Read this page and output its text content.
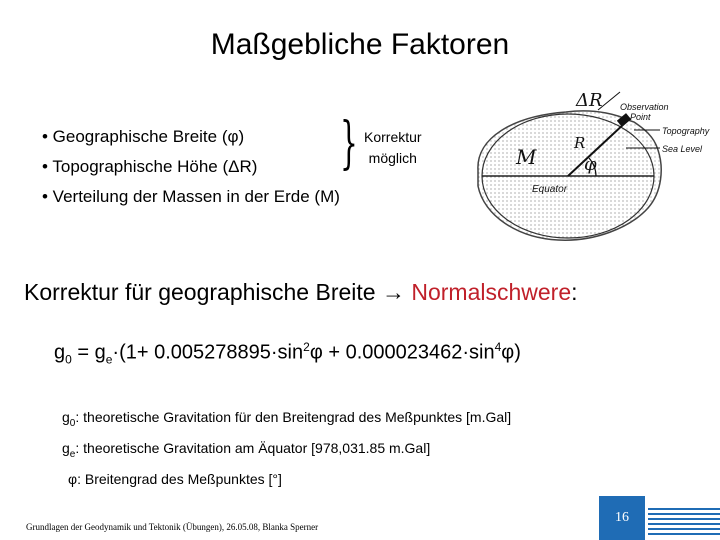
Maßgebliche Faktoren
• Geographische Breite (φ)
• Topographische Höhe (ΔR)
• Verteilung der Massen in der Erde (M)
} Korrektur
möglich
ΔR Observation
Point
Topography
Sea Level
M
R
φ
Equator
Korrektur für geographische Breite → Normalschwere:
$g_0 = g_e\cdot(1+ 0.005278895\cdot\sin^2\varphi + 0.000023462\cdot\sin^4\varphi)$
$g_0$: theoretische Gravitation für den Breitengrad des Meßpunktes [m.Gal]
$g_e$: theoretische Gravitation am Äquator [978,031.85 m.Gal]
φ: Breitengrad des Meßpunktes [°]
Grundlagen der Geodynamik und Tektonik (Übungen), 26.05.08, Blanka Sperner
16
